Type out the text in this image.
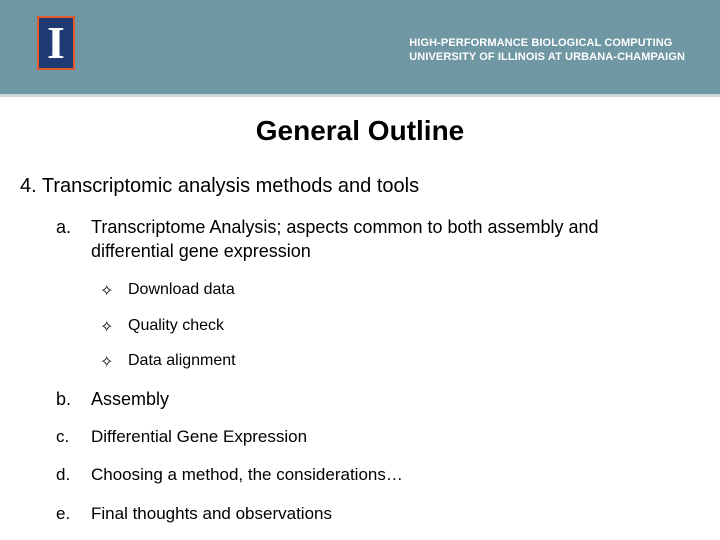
I	HIGH-PERFORMANCE BIOLOGICAL COMPUTING
UNIVERSITY OF ILLINOIS AT URBANA-CHAMPAIGN
General Outline
4. Transcriptomic analysis methods and tools
a. Transcriptome Analysis; aspects common to both assembly and differential gene expression
✧ Download data
✧ Quality check
✧ Data alignment
b. Assembly
c. Differential Gene Expression
d. Choosing a method, the considerations…
e. Final thoughts and observations
